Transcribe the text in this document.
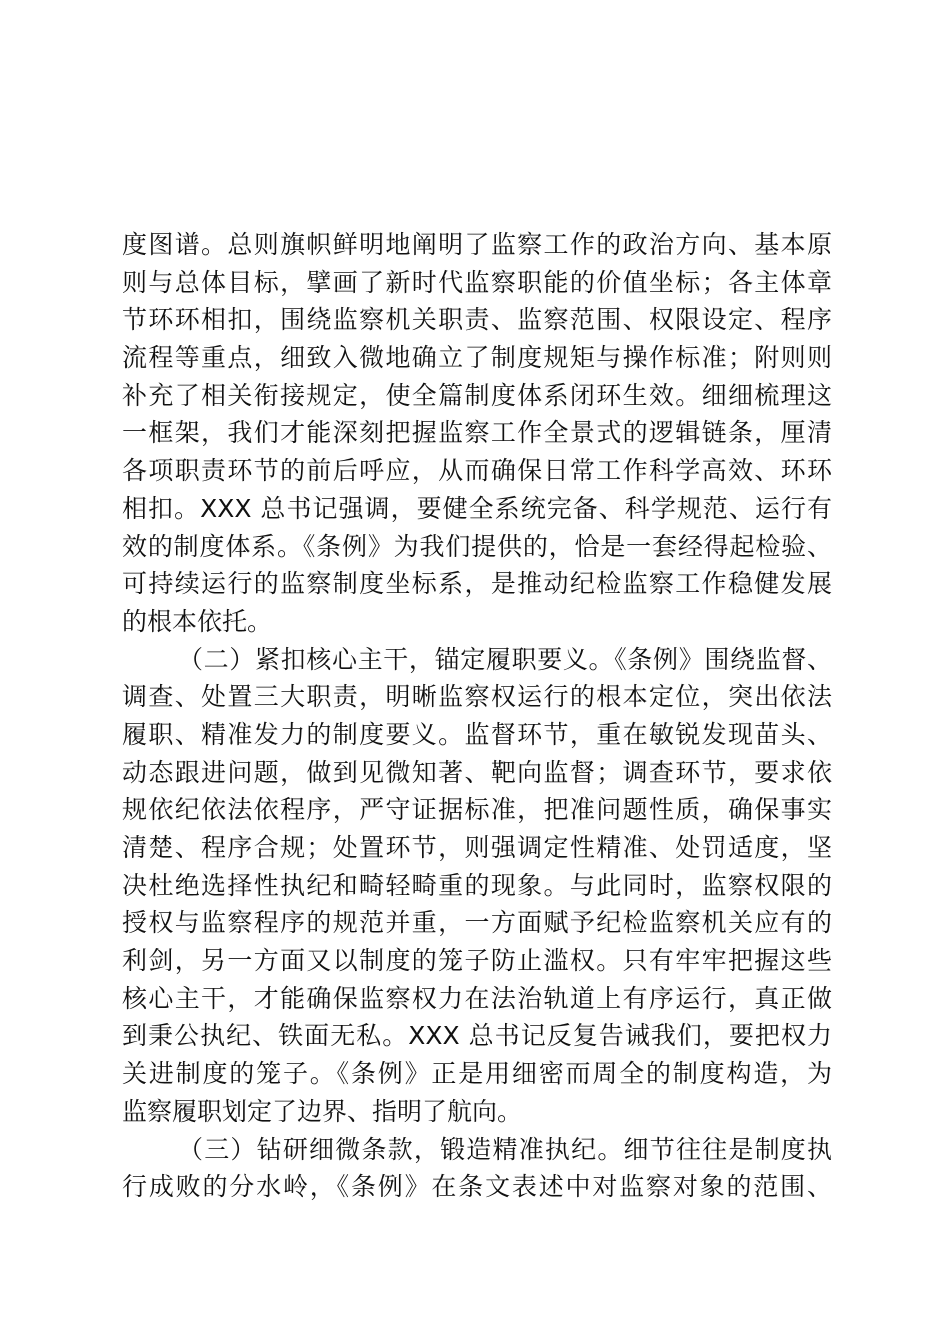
度图谱。总则旗帜鲜明地阐明了监察工作的政治方向、基本原
则与总体目标，擘画了新时代监察职能的价值坐标；各主体章
节环环相扣，围绕监察机关职责、监察范围、权限设定、程序
流程等重点，细致入微地确立了制度规矩与操作标准；附则则
补充了相关衔接规定，使全篇制度体系闭环生效。细细梳理这
一框架，我们才能深刻把握监察工作全景式的逻辑链条，厘清
各项职责环节的前后呼应，从而确保日常工作科学高效、环环
相扣。XXX 总书记强调，要健全系统完备、科学规范、运行有
效的制度体系。《条例》为我们提供的，恰是一套经得起检验、
可持续运行的监察制度坐标系，是推动纪检监察工作稳健发展
的根本依托。
（二）紧扣核心主干，锚定履职要义。《条例》围绕监督、
调查、处置三大职责，明晰监察权运行的根本定位，突出依法
履职、精准发力的制度要义。监督环节，重在敏锐发现苗头、
动态跟进问题，做到见微知著、靶向监督；调查环节，要求依
规依纪依法依程序，严守证据标准，把准问题性质，确保事实
清楚、程序合规；处置环节，则强调定性精准、处罚适度，坚
决杜绝选择性执纪和畸轻畸重的现象。与此同时，监察权限的
授权与监察程序的规范并重，一方面赋予纪检监察机关应有的
利剑，另一方面又以制度的笼子防止滥权。只有牢牢把握这些
核心主干，才能确保监察权力在法治轨道上有序运行，真正做
到秉公执纪、铁面无私。XXX 总书记反复告诫我们，要把权力
关进制度的笼子。《条例》正是用细密而周全的制度构造，为
监察履职划定了边界、指明了航向。
（三）钻研细微条款，锻造精准执纪。细节往往是制度执
行成败的分水岭，《条例》在条文表述中对监察对象的范围、
